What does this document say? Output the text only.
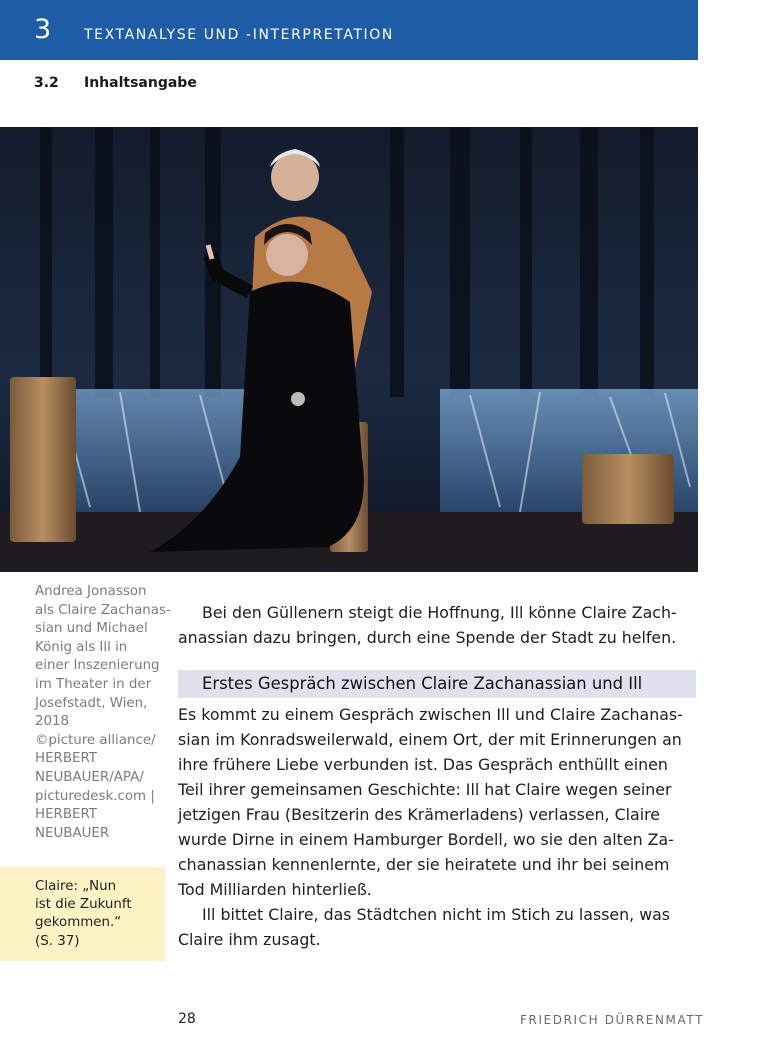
3 TEXTANALYSE UND -INTERPRETATION
3.2 Inhaltsangabe
Andrea Jonasson
als Claire Zachanas-
sian und Michael
König als Ill in
einer Inszenierung
im Theater in der
Josefstadt, Wien,
2018
©picture alliance/
HERBERT
NEUBAUER/APA/
picturedesk.com |
HERBERT
NEUBAUER
Claire: „Nun
ist die Zukunft
gekommen.“
(S. 37)
Bei den Güllenern steigt die Hoffnung, Ill könne Claire Zach-
anassian dazu bringen, durch eine Spende der Stadt zu helfen.
Erstes Gespräch zwischen Claire Zachanassian und Ill
Es kommt zu einem Gespräch zwischen Ill und Claire Zachanas-
sian im Konradsweilerwald, einem Ort, der mit Erinnerungen an
ihre frühere Liebe verbunden ist. Das Gespräch enthüllt einen
Teil ihrer gemeinsamen Geschichte: Ill hat Claire wegen seiner
jetzigen Frau (Besitzerin des Krämerladens) verlassen, Claire
wurde Dirne in einem Hamburger Bordell, wo sie den alten Za-
chanassian kennenlernte, der sie heiratete und ihr bei seinem
Tod Milliarden hinterließ.
Ill bittet Claire, das Städtchen nicht im Stich zu lassen, was
Claire ihm zusagt.
28	FRIEDRICH DÜRRENMATT
